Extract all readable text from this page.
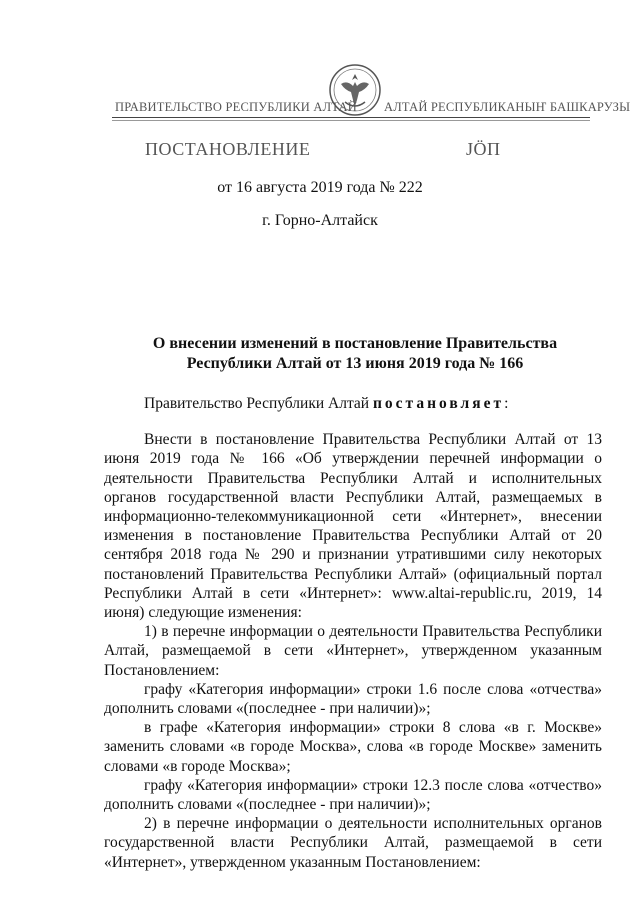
ПРАВИТЕЛЬСТВО РЕСПУБЛИКИ АЛТАЙ АЛТАЙ РЕСПУБЛИКАНЫҤ БАШКАРУЗЫ
ПОСТАНОВЛЕНИЕ	ЈӦП
от 16 августа 2019 года № 222
г. Горно-Алтайск
О внесении изменений в постановление Правительства Республики Алтай от 13 июня 2019 года № 166

Правительство Республики Алтай постановляет:

Внести в постановление Правительства Республики Алтай от 13 июня 2019 года № 166 «Об утверждении перечней информации о деятельности Правительства Республики Алтай и исполнительных органов государственной власти Республики Алтай, размещаемых в информационно-телекоммуникационной сети «Интернет», внесении изменения в постановление Правительства Республики Алтай от 20 сентября 2018 года № 290 и признании утратившими силу некоторых постановлений Правительства Республики Алтай» (официальный портал Республики Алтай в сети «Интернет»: www.altai-republic.ru, 2019, 14 июня) следующие изменения:

1) в перечне информации о деятельности Правительства Республики Алтай, размещаемой в сети «Интернет», утвержденном указанным Постановлением:

графу «Категория информации» строки 1.6 после слова «отчества» дополнить словами «(последнее - при наличии)»;

в графе «Категория информации» строки 8 слова «в г. Москве» заменить словами «в городе Москва», слова «в городе Москве» заменить словами «в городе Москва»;

графу «Категория информации» строки 12.3 после слова «отчество» дополнить словами «(последнее - при наличии)»;

2) в перечне информации о деятельности исполнительных органов государственной власти Республики Алтай, размещаемой в сети «Интернет», утвержденном указанным Постановлением:
